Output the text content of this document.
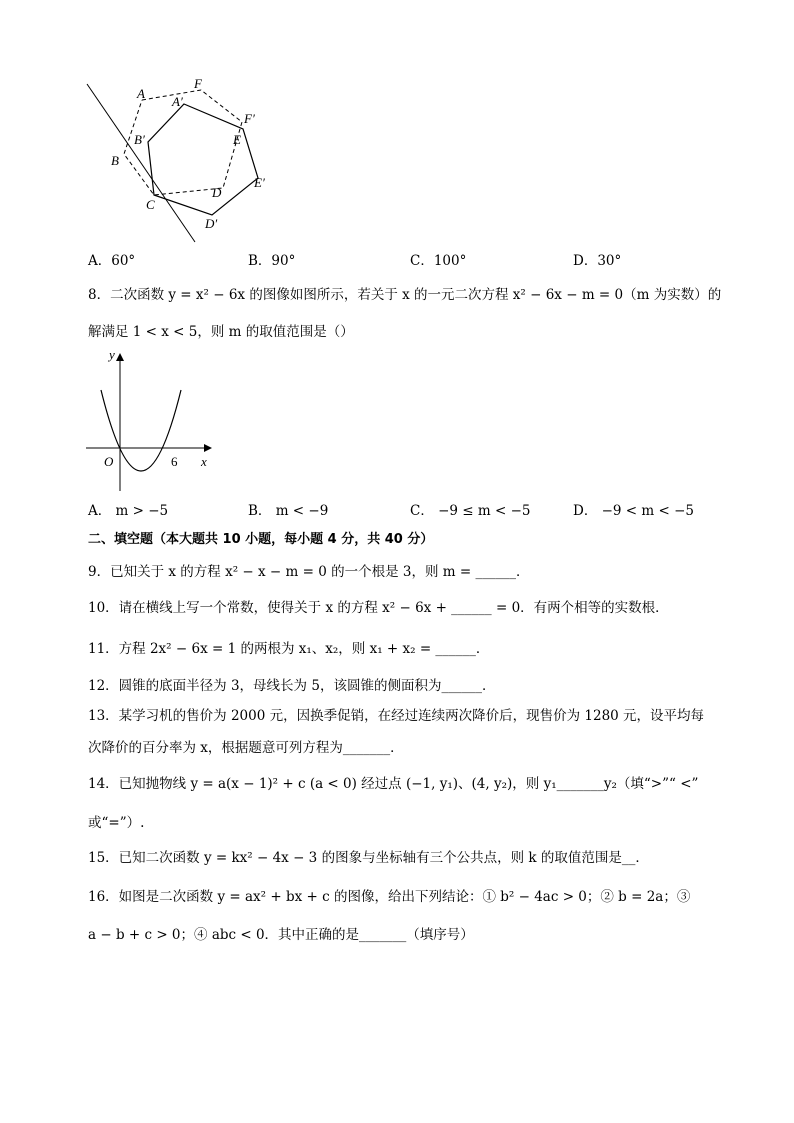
A
F
A′
F′
B′	E
B
E′
D
C
D′
A．60°	B．90°	C．100°	D．30°
8．二次函数 y = x² − 6x 的图像如图所示，若关于 x 的一元二次方程 x² − 6x − m = 0（m 为实数）的
解满足 1 < x < 5，则 m 的取值范围是（）
y
x
O	6
A． m > −5	B． m < −9	C． −9 ≤ m < −5	D． −9 < m < −5
二、填空题（本大题共 10 小题，每小题 4 分，共 40 分）
9．已知关于 x 的方程 x² − x − m = 0 的一个根是 3，则 m = ______．
10．请在横线上写一个常数，使得关于 x 的方程 x² − 6x + ______ = 0．有两个相等的实数根．
11．方程 2x² − 6x = 1 的两根为 x₁、x₂，则 x₁ + x₂ = ______．
12．圆锥的底面半径为 3，母线长为 5，该圆锥的侧面积为______．
13．某学习机的售价为 2000 元，因换季促销，在经过连续两次降价后，现售价为 1280 元，设平均每
次降价的百分率为 x，根据题意可列方程为_______．
14．已知抛物线 y = a(x − 1)² + c (a < 0) 经过点 (−1, y₁)、(4, y₂)，则 y₁_______y₂（填“>”“ <”
或“=”）.
15．已知二次函数 y = kx² − 4x − 3 的图象与坐标轴有三个公共点，则 k 的取值范围是__．
16．如图是二次函数 y = ax² + bx + c 的图像，给出下列结论：① b² − 4ac > 0；② b = 2a；③
a − b + c > 0；④ abc < 0．其中正确的是_______（填序号）
